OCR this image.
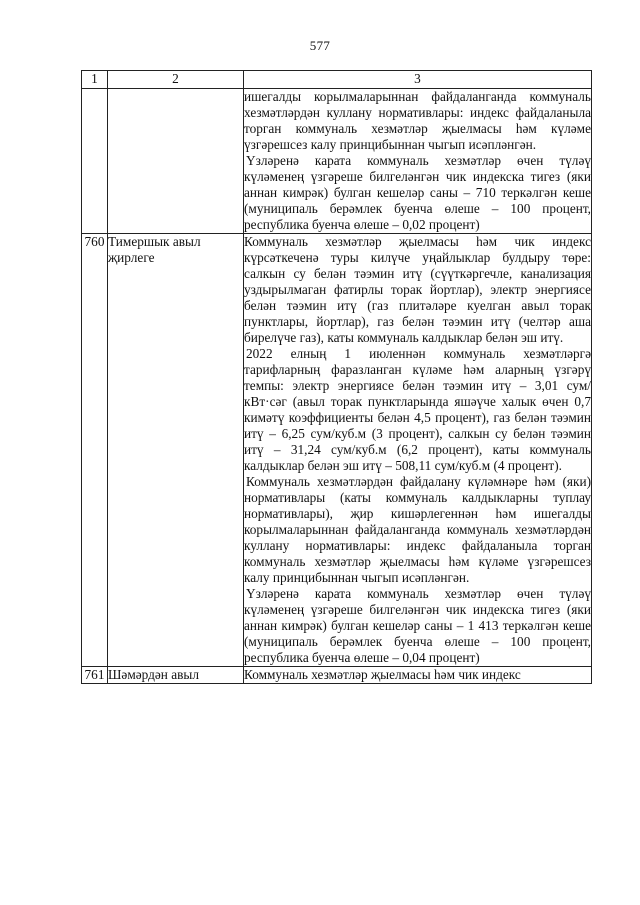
577
1	2	3

		ишегалды корылмаларыннан файдаланганда коммуналь хезмәтләрдән куллану нормативлары: индекс файдаланыла торган коммуналь хезмәтләр җыелмасы һәм күләме үзгәрешсез калу принцибыннан чыгып исәпләнгән.

Үзләренә карата коммуналь хезмәтләр өчен түләү күләменең үзгәреше билгеләнгән чик индекска тигез (яки аннан кимрәк) булган кешеләр саны – 710 теркәлгән кеше (муниципаль берәмлек буенча өлеше – 100 процент, республика буенча өлеше – 0,02 процент)

760	Тимершык авыл җирлеге	Коммуналь хезмәтләр җыелмасы һәм чик индекс күрсәткеченә туры килүче уңайлыклар булдыру төре: салкын су белән тәэмин итү (сүүткәргечле, канализация уздырылмаган фатирлы торак йортлар), электр энергиясе белән тәэмин итү (газ плитәләре куелган авыл торак пунктлары, йортлар), газ белән тәэмин итү (челтәр аша бирелүче газ), каты коммуналь калдыклар белән эш итү.

2022 елның 1 июленнән коммуналь хезмәтләргә тарифларның фаразланган күләме һәм аларның үзгәрү темпы: электр энергиясе белән тәэмин итү – 3,01 сум/кВт·сәг (авыл торак пунктларында яшәүче халык өчен 0,7 кимәтү коэффициенты белән 4,5 процент), газ белән тәэмин итү – 6,25 сум/куб.м (3 процент), салкын су белән тәэмин итү – 31,24 сум/куб.м (6,2 процент), каты коммуналь калдыклар белән эш итү – 508,11 сум/куб.м (4 процент).

Коммуналь хезмәтләрдән файдалану күләмнәре һәм (яки) нормативлары (каты коммуналь калдыкларны туплау нормативлары), җир кишәрлегеннән һәм ишегалды корылмаларыннан файдаланганда коммуналь хезмәтләрдән куллану нормативлары: индекс файдаланыла торган коммуналь хезмәтләр җыелмасы һәм күләме үзгәрешсез калу принцибыннан чыгып исәпләнгән.

Үзләренә карата коммуналь хезмәтләр өчен түләү күләменең үзгәреше билгеләнгән чик индекска тигез (яки аннан кимрәк) булган кешеләр саны – 1 413 теркәлгән кеше (муниципаль берәмлек буенча өлеше – 100 процент, республика буенча өлеше – 0,04 процент)

761	Шәмәрдән авыл	Коммуналь хезмәтләр җыелмасы һәм чик индекс
